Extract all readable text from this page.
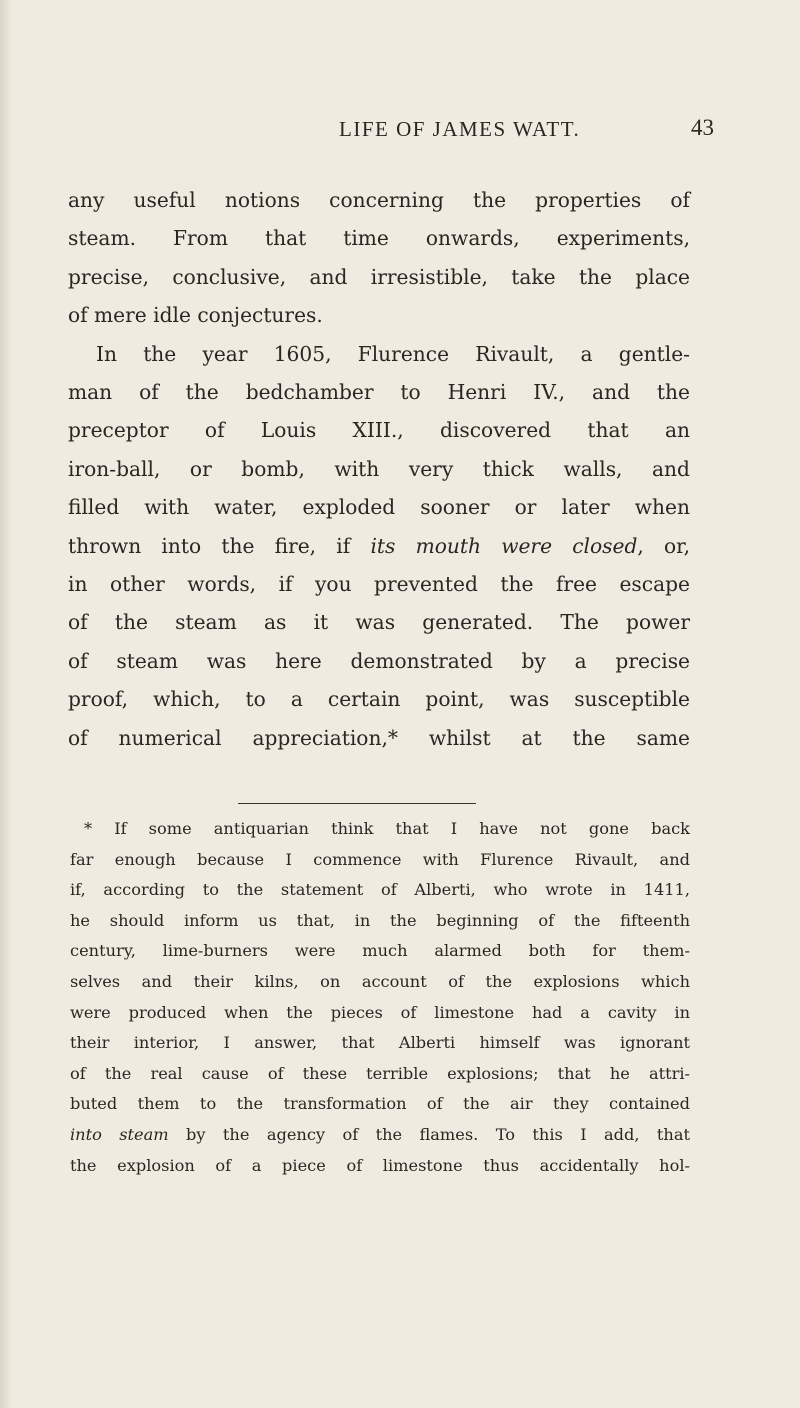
LIFE OF JAMES WATT.	43
any useful notions concerning the properties of
steam. From that time onwards, experiments,
precise, conclusive, and irresistible, take the place
of mere idle conjectures.
In the year 1605, Flurence Rivault, a gentle-
man of the bedchamber to Henri IV., and the
preceptor of Louis XIII., discovered that an
iron-ball, or bomb, with very thick walls, and
filled with water, exploded sooner or later when
thrown into the fire, if its mouth were closed, or,
in other words, if you prevented the free escape
of the steam as it was generated. The power
of steam was here demonstrated by a precise
proof, which, to a certain point, was susceptible
of numerical appreciation,* whilst at the same
* If some antiquarian think that I have not gone back
far enough because I commence with Flurence Rivault, and
if, according to the statement of Alberti, who wrote in 1411,
he should inform us that, in the beginning of the fifteenth
century, lime-burners were much alarmed both for them-
selves and their kilns, on account of the explosions which
were produced when the pieces of limestone had a cavity in
their interior, I answer, that Alberti himself was ignorant
of the real cause of these terrible explosions; that he attri-
buted them to the transformation of the air they contained
into steam by the agency of the flames. To this I add, that
the explosion of a piece of limestone thus accidentally hol-
